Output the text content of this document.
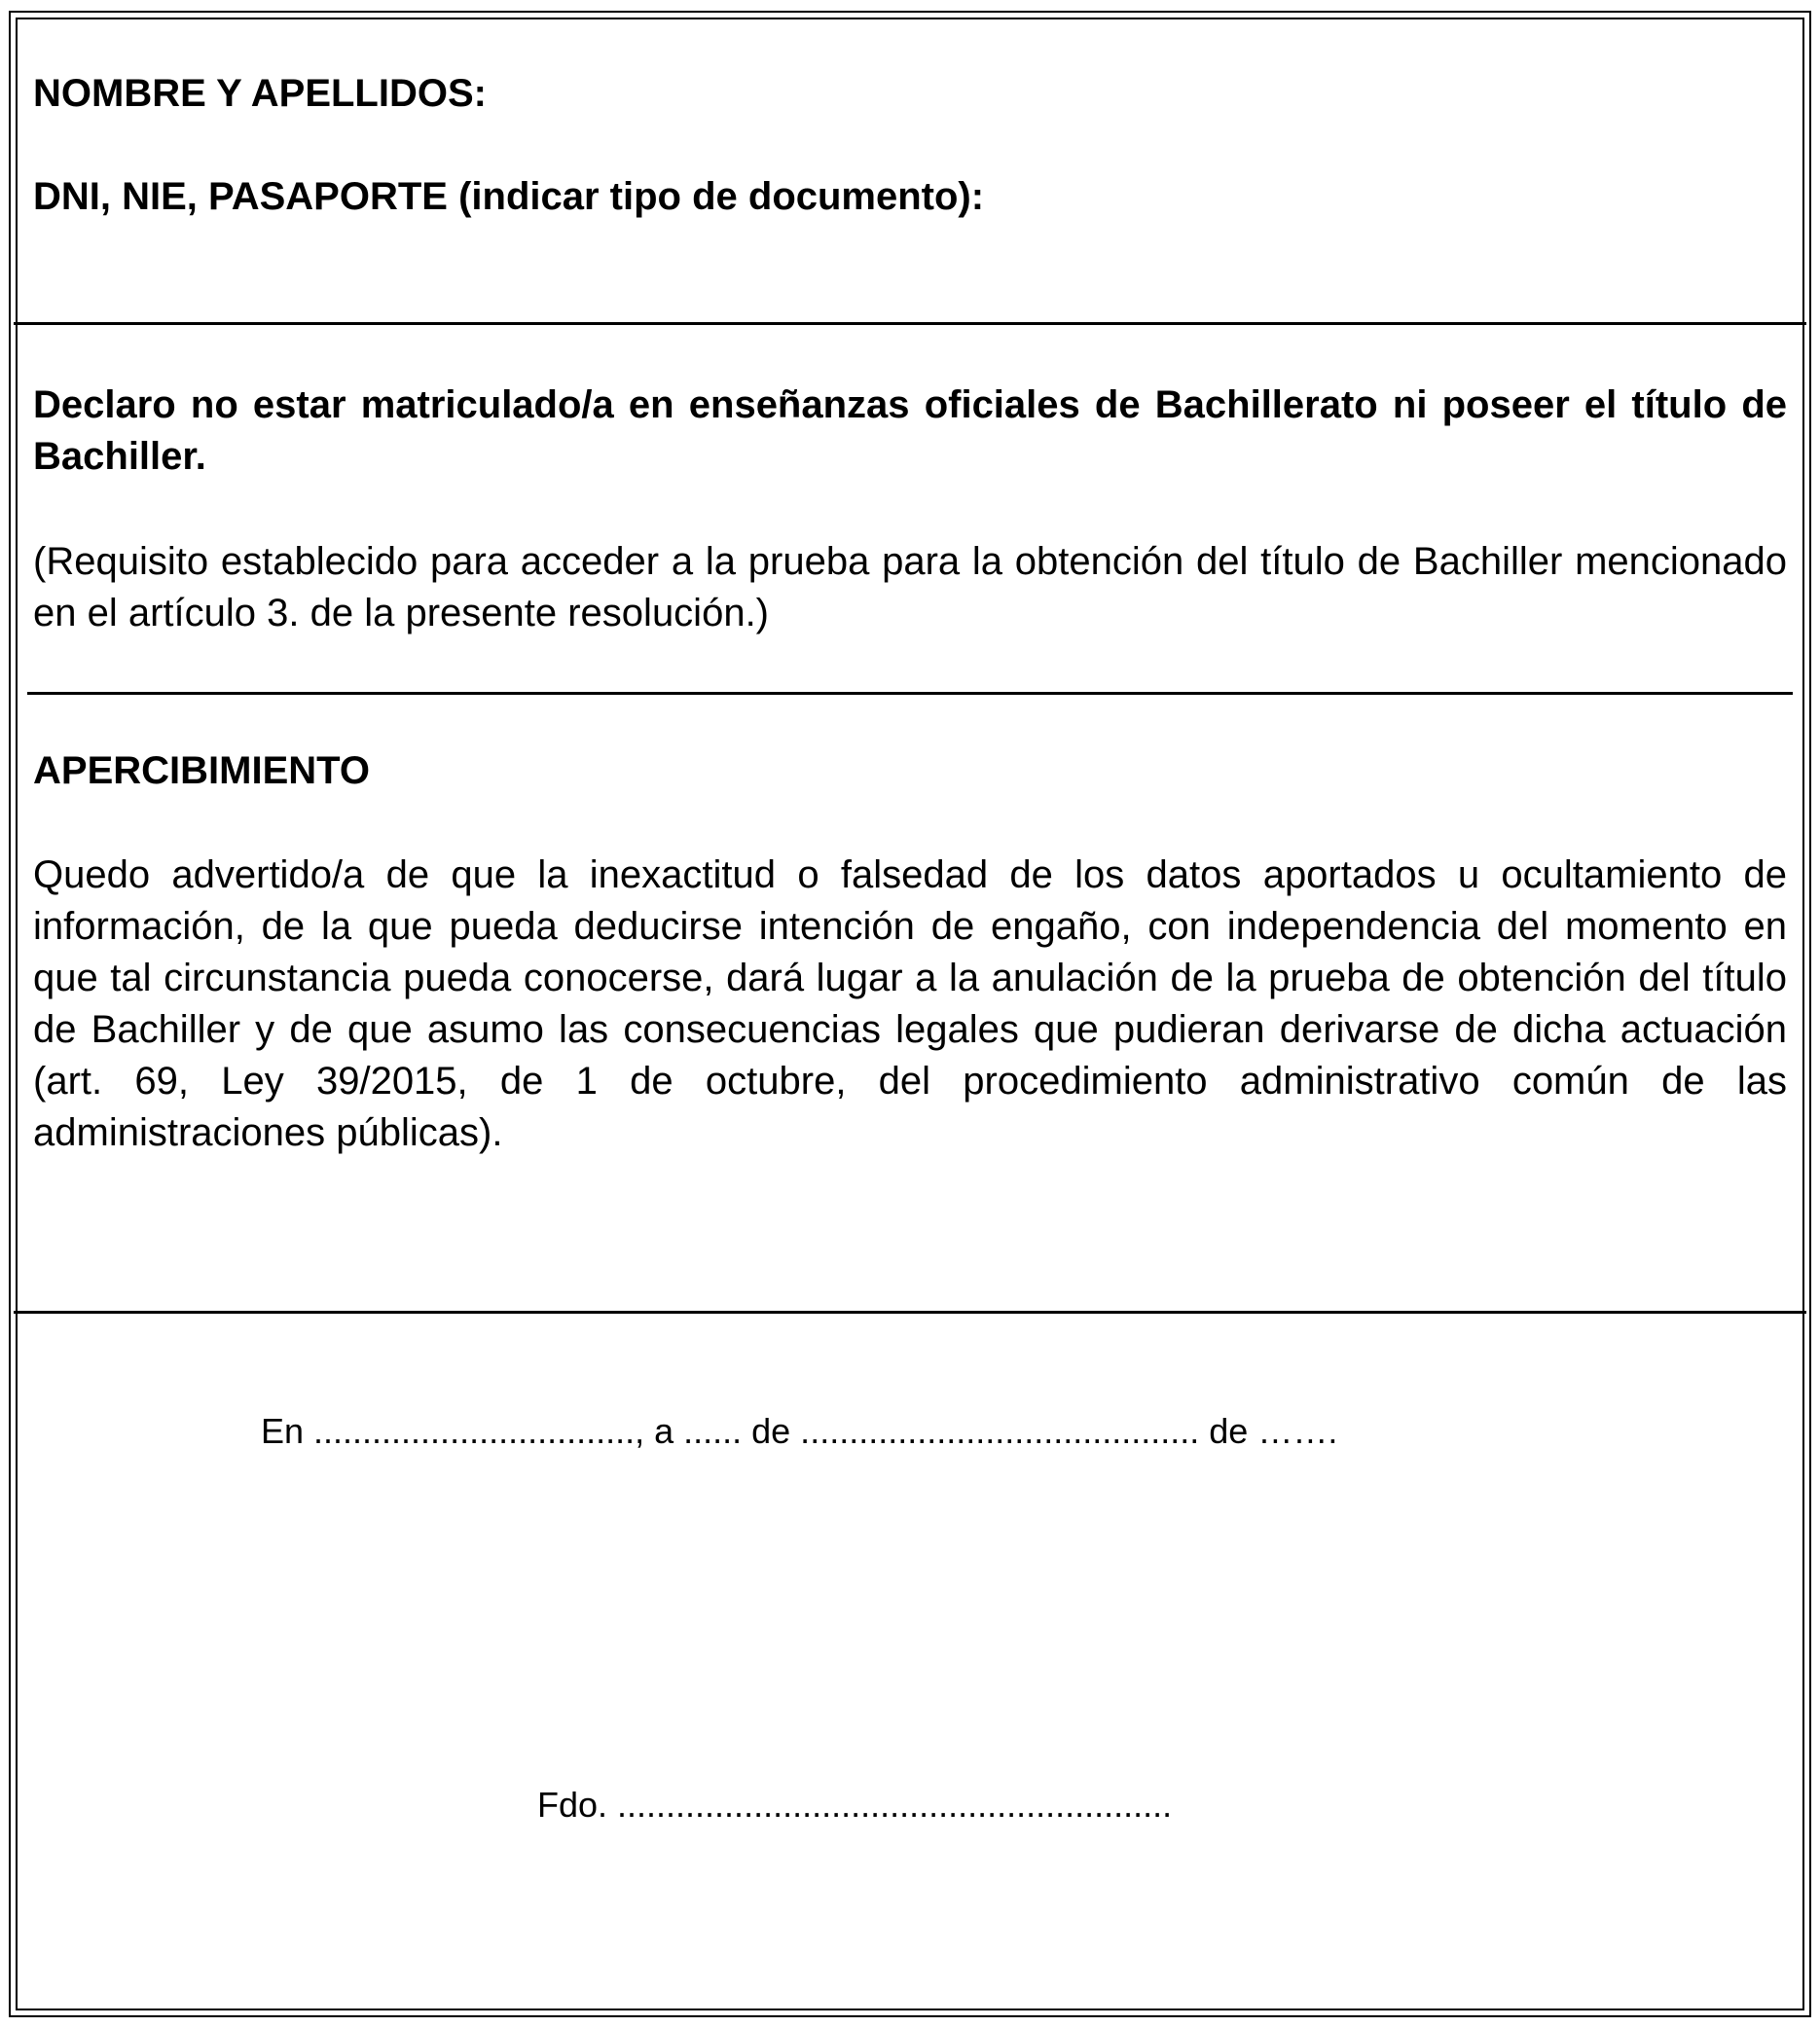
NOMBRE Y APELLIDOS:

DNI, NIE, PASAPORTE (indicar tipo de documento):

Declaro no estar matriculado/a en enseñanzas oficiales de Bachillerato ni poseer el título de Bachiller.

(Requisito establecido para acceder a la prueba para la obtención del título de Bachiller mencionado en el artículo 3. de la presente resolución.)

APERCIBIMIENTO

Quedo advertido/a de que la inexactitud o falsedad de los datos aportados u ocultamiento de información, de la que pueda deducirse intención de engaño, con independencia del momento en que tal circunstancia pueda conocerse, dará lugar a la anulación de la prueba de obtención del título de Bachiller y de que asumo las consecuencias legales que pudieran derivarse de dicha actuación (art. 69, Ley 39/2015, de 1 de octubre, del procedimiento administrativo común de las administraciones públicas).

En ................................., a ...... de ......................................... de …….

Fdo. .........................................................
